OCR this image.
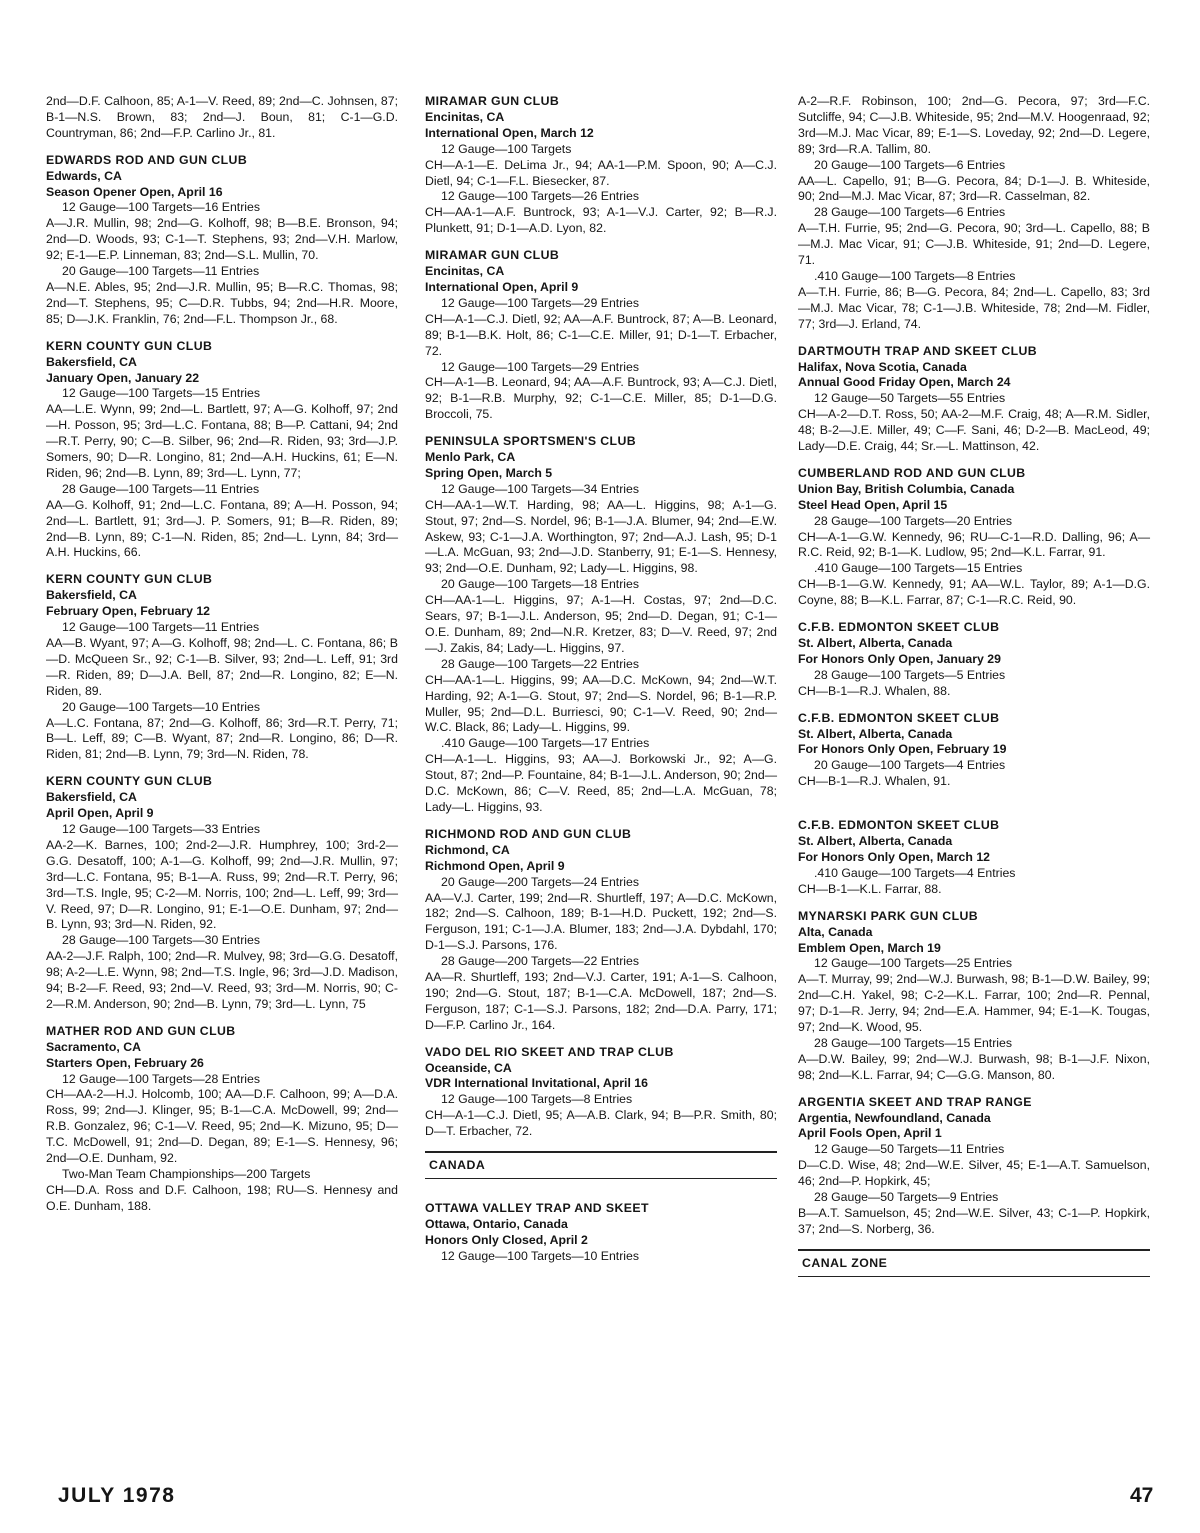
2nd—D.F. Calhoon, 85; A-1—V. Reed, 89; 2nd—C. Johnsen, 87; B-1—N.S. Brown, 83; 2nd—J. Boun, 81; C-1—G.D. Countryman, 86; 2nd—F.P. Carlino Jr., 81.
EDWARDS ROD AND GUN CLUB
Edwards, CA
Season Opener Open, April 16
12 Gauge—100 Targets—16 Entries
A—J.R. Mullin, 98; 2nd—G. Kolhoff, 98; B—B.E. Bronson, 94; 2nd—D. Woods, 93; C-1—T. Stephens, 93; 2nd—V.H. Marlow, 92; E-1—E.P. Linneman, 83; 2nd—S.L. Mullin, 70.
20 Gauge—100 Targets—11 Entries
A—N.E. Ables, 95; 2nd—J.R. Mullin, 95; B—R.C. Thomas, 98; 2nd—T. Stephens, 95; C—D.R. Tubbs, 94; 2nd—H.R. Moore, 85; D—J.K. Franklin, 76; 2nd—F.L. Thompson Jr., 68.
KERN COUNTY GUN CLUB
Bakersfield, CA
January Open, January 22
12 Gauge—100 Targets—15 Entries
AA—L.E. Wynn, 99; 2nd—L. Bartlett, 97; A—G. Kolhoff, 97; 2nd—H. Posson, 95; 3rd—L.C. Fontana, 88; B—P. Cattani, 94; 2nd—R.T. Perry, 90; C—B. Silber, 96; 2nd—R. Riden, 93; 3rd—J.P. Somers, 90; D—R. Longino, 81; 2nd—A.H. Huckins, 61; E—N. Riden, 96; 2nd—B. Lynn, 89; 3rd—L. Lynn, 77;
28 Gauge—100 Targets—11 Entries
AA—G. Kolhoff, 91; 2nd—L.C. Fontana, 89; A—H. Posson, 94; 2nd—L. Bartlett, 91; 3rd—J. P. Somers, 91; B—R. Riden, 89; 2nd—B. Lynn, 89; C-1—N. Riden, 85; 2nd—L. Lynn, 84; 3rd—A.H. Huckins, 66.
KERN COUNTY GUN CLUB
Bakersfield, CA
February Open, February 12
12 Gauge—100 Targets—11 Entries
AA—B. Wyant, 97; A—G. Kolhoff, 98; 2nd—L. C. Fontana, 86; B—D. McQueen Sr., 92; C-1—B. Silver, 93; 2nd—L. Leff, 91; 3rd—R. Riden, 89; D—J.A. Bell, 87; 2nd—R. Longino, 82; E—N. Riden, 89.
20 Gauge—100 Targets—10 Entries
A—L.C. Fontana, 87; 2nd—G. Kolhoff, 86; 3rd—R.T. Perry, 71; B—L. Leff, 89; C—B. Wyant, 87; 2nd—R. Longino, 86; D—R. Riden, 81; 2nd—B. Lynn, 79; 3rd—N. Riden, 78.
KERN COUNTY GUN CLUB
Bakersfield, CA
April Open, April 9
12 Gauge—100 Targets—33 Entries
AA-2—K. Barnes, 100; 2nd-2—J.R. Humphrey, 100; 3rd-2—G.G. Desatoff, 100; A-1—G. Kolhoff, 99; 2nd—J.R. Mullin, 97; 3rd—L.C. Fontana, 95; B-1—A. Russ, 99; 2nd—R.T. Perry, 96; 3rd—T.S. Ingle, 95; C-2—M. Norris, 100; 2nd—L. Leff, 99; 3rd—V. Reed, 97; D—R. Longino, 91; E-1—O.E. Dunham, 97; 2nd—B. Lynn, 93; 3rd—N. Riden, 92.
28 Gauge—100 Targets—30 Entries
AA-2—J.F. Ralph, 100; 2nd—R. Mulvey, 98; 3rd—G.G. Desatoff, 98; A-2—L.E. Wynn, 98; 2nd—T.S. Ingle, 96; 3rd—J.D. Madison, 94; B-2—F. Reed, 93; 2nd—V. Reed, 93; 3rd—M. Norris, 90; C-2—R.M. Anderson, 90; 2nd—B. Lynn, 79; 3rd—L. Lynn, 75
MATHER ROD AND GUN CLUB
Sacramento, CA
Starters Open, February 26
12 Gauge—100 Targets—28 Entries
CH—AA-2—H.J. Holcomb, 100; AA—D.F. Calhoon, 99; A—D.A. Ross, 99; 2nd—J. Klinger, 95; B-1—C.A. McDowell, 99; 2nd—R.B. Gonzalez, 96; C-1—V. Reed, 95; 2nd—K. Mizuno, 95; D—T.C. McDowell, 91; 2nd—D. Degan, 89; E-1—S. Hennesy, 96; 2nd—O.E. Dunham, 92.
Two-Man Team Championships—200 Targets
CH—D.A. Ross and D.F. Calhoon, 198; RU—S. Hennesy and O.E. Dunham, 188.
MIRAMAR GUN CLUB
Encinitas, CA
International Open, March 12
12 Gauge—100 Targets
CH—A-1—E. DeLima Jr., 94; AA-1—P.M. Spoon, 90; A—C.J. Dietl, 94; C-1—F.L. Biesecker, 87.
12 Gauge—100 Targets—26 Entries
CH—AA-1—A.F. Buntrock, 93; A-1—V.J. Carter, 92; B—R.J. Plunkett, 91; D-1—A.D. Lyon, 82.
MIRAMAR GUN CLUB
Encinitas, CA
International Open, April 9
12 Gauge—100 Targets—29 Entries
CH—A-1—C.J. Dietl, 92; AA—A.F. Buntrock, 87; A—B. Leonard, 89; B-1—B.K. Holt, 86; C-1—C.E. Miller, 91; D-1—T. Erbacher, 72.
12 Gauge—100 Targets—29 Entries
CH—A-1—B. Leonard, 94; AA—A.F. Buntrock, 93; A—C.J. Dietl, 92; B-1—R.B. Murphy, 92; C-1—C.E. Miller, 85; D-1—D.G. Broccoli, 75.
PENINSULA SPORTSMEN'S CLUB
Menlo Park, CA
Spring Open, March 5
12 Gauge—100 Targets—34 Entries
CH—AA-1—W.T. Harding, 98; AA—L. Higgins, 98; A-1—G. Stout, 97; 2nd—S. Nordel, 96; B-1—J.A. Blumer, 94; 2nd—E.W. Askew, 93; C-1—J.A. Worthington, 97; 2nd—A.J. Lash, 95; D-1—L.A. McGuan, 93; 2nd—J.D. Stanberry, 91; E-1—S. Hennesy, 93; 2nd—O.E. Dunham, 92; Lady—L. Higgins, 98.
20 Gauge—100 Targets—18 Entries
CH—AA-1—L. Higgins, 97; A-1—H. Costas, 97; 2nd—D.C. Sears, 97; B-1—J.L. Anderson, 95; 2nd—D. Degan, 91; C-1—O.E. Dunham, 89; 2nd—N.R. Kretzer, 83; D—V. Reed, 97; 2nd—J. Zakis, 84; Lady—L. Higgins, 97.
28 Gauge—100 Targets—22 Entries
CH—AA-1—L. Higgins, 99; AA—D.C. McKown, 94; 2nd—W.T. Harding, 92; A-1—G. Stout, 97; 2nd—S. Nordel, 96; B-1—R.P. Muller, 95; 2nd—D.L. Burriesci, 90; C-1—V. Reed, 90; 2nd—W.C. Black, 86; Lady—L. Higgins, 99.
.410 Gauge—100 Targets—17 Entries
CH—A-1—L. Higgins, 93; AA—J. Borkowski Jr., 92; A—G. Stout, 87; 2nd—P. Fountaine, 84; B-1—J.L. Anderson, 90; 2nd—D.C. McKown, 86; C—V. Reed, 85; 2nd—L.A. McGuan, 78; Lady—L. Higgins, 93.
RICHMOND ROD AND GUN CLUB
Richmond, CA
Richmond Open, April 9
20 Gauge—200 Targets—24 Entries
AA—V.J. Carter, 199; 2nd—R. Shurtleff, 197; A—D.C. McKown, 182; 2nd—S. Calhoon, 189; B-1—H.D. Puckett, 192; 2nd—S. Ferguson, 191; C-1—J.A. Blumer, 183; 2nd—J.A. Dybdahl, 170; D-1—S.J. Parsons, 176.
28 Gauge—200 Targets—22 Entries
AA—R. Shurtleff, 193; 2nd—V.J. Carter, 191; A-1—S. Calhoon, 190; 2nd—G. Stout, 187; B-1—C.A. McDowell, 187; 2nd—S. Ferguson, 187; C-1—S.J. Parsons, 182; 2nd—D.A. Parry, 171; D—F.P. Carlino Jr., 164.
VADO DEL RIO SKEET AND TRAP CLUB
Oceanside, CA
VDR International Invitational, April 16
12 Gauge—100 Targets—8 Entries
CH—A-1—C.J. Dietl, 95; A—A.B. Clark, 94; B—P.R. Smith, 80; D—T. Erbacher, 72.
CANADA
OTTAWA VALLEY TRAP AND SKEET
Ottawa, Ontario, Canada
Honors Only Closed, April 2
12 Gauge—100 Targets—10 Entries
A-2—R.F. Robinson, 100; 2nd—G. Pecora, 97; 3rd—F.C. Sutcliffe, 94; C—J.B. Whiteside, 95; 2nd—M.V. Hoogenraad, 92; 3rd—M.J. Mac Vicar, 89; E-1—S. Loveday, 92; 2nd—D. Legere, 89; 3rd—R.A. Tallim, 80.
20 Gauge—100 Targets—6 Entries
AA—L. Capello, 91; B—G. Pecora, 84; D-1—J. B. Whiteside, 90; 2nd—M.J. Mac Vicar, 87; 3rd—R. Casselman, 82.
28 Gauge—100 Targets—6 Entries
A—T.H. Furrie, 95; 2nd—G. Pecora, 90; 3rd—L. Capello, 88; B—M.J. Mac Vicar, 91; C—J.B. Whiteside, 91; 2nd—D. Legere, 71.
.410 Gauge—100 Targets—8 Entries
A—T.H. Furrie, 86; B—G. Pecora, 84; 2nd—L. Capello, 83; 3rd—M.J. Mac Vicar, 78; C-1—J.B. Whiteside, 78; 2nd—M. Fidler, 77; 3rd—J. Erland, 74.
DARTMOUTH TRAP AND SKEET CLUB
Halifax, Nova Scotia, Canada
Annual Good Friday Open, March 24
12 Gauge—50 Targets—55 Entries
CH—A-2—D.T. Ross, 50; AA-2—M.F. Craig, 48; A—R.M. Sidler, 48; B-2—J.E. Miller, 49; C—F. Sani, 46; D-2—B. MacLeod, 49; Lady—D.E. Craig, 44; Sr.—L. Mattinson, 42.
CUMBERLAND ROD AND GUN CLUB
Union Bay, British Columbia, Canada
Steel Head Open, April 15
28 Gauge—100 Targets—20 Entries
CH—A-1—G.W. Kennedy, 96; RU—C-1—R.D. Dalling, 96; A—R.C. Reid, 92; B-1—K. Ludlow, 95; 2nd—K.L. Farrar, 91.
.410 Gauge—100 Targets—15 Entries
CH—B-1—G.W. Kennedy, 91; AA—W.L. Taylor, 89; A-1—D.G. Coyne, 88; B—K.L. Farrar, 87; C-1—R.C. Reid, 90.
C.F.B. EDMONTON SKEET CLUB
St. Albert, Alberta, Canada
For Honors Only Open, January 29
28 Gauge—100 Targets—5 Entries
CH—B-1—R.J. Whalen, 88.
C.F.B. EDMONTON SKEET CLUB
St. Albert, Alberta, Canada
For Honors Only Open, February 19
20 Gauge—100 Targets—4 Entries
CH—B-1—R.J. Whalen, 91.
C.F.B. EDMONTON SKEET CLUB
St. Albert, Alberta, Canada
For Honors Only Open, March 12
.410 Gauge—100 Targets—4 Entries
CH—B-1—K.L. Farrar, 88.
MYNARSKI PARK GUN CLUB
Alta, Canada
Emblem Open, March 19
12 Gauge—100 Targets—25 Entries
A—T. Murray, 99; 2nd—W.J. Burwash, 98; B-1—D.W. Bailey, 99; 2nd—C.H. Yakel, 98; C-2—K.L. Farrar, 100; 2nd—R. Pennal, 97; D-1—R. Jerry, 94; 2nd—E.A. Hammer, 94; E-1—K. Tougas, 97; 2nd—K. Wood, 95.
28 Gauge—100 Targets—15 Entries
A—D.W. Bailey, 99; 2nd—W.J. Burwash, 98; B-1—J.F. Nixon, 98; 2nd—K.L. Farrar, 94; C—G.G. Manson, 80.
ARGENTIA SKEET AND TRAP RANGE
Argentia, Newfoundland, Canada
April Fools Open, April 1
12 Gauge—50 Targets—11 Entries
D—C.D. Wise, 48; 2nd—W.E. Silver, 45; E-1—A.T. Samuelson, 46; 2nd—P. Hopkirk, 45;
28 Gauge—50 Targets—9 Entries
B—A.T. Samuelson, 45; 2nd—W.E. Silver, 43; C-1—P. Hopkirk, 37; 2nd—S. Norberg, 36.
CANAL ZONE
JULY 1978	47
